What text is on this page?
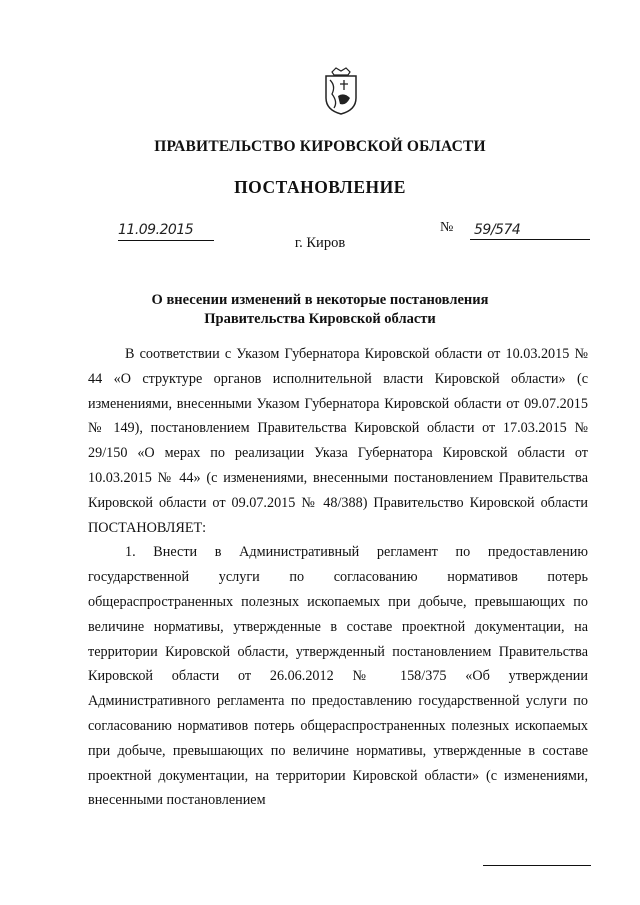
ПРАВИТЕЛЬСТВО КИРОВСКОЙ ОБЛАСТИ
ПОСТАНОВЛЕНИЕ
11.09.2015	№ 59/574
г. Киров
О внесении изменений в некоторые постановления
Правительства Кировской области

В соответствии с Указом Губернатора Кировской области от 10.03.2015 № 44 «О структуре органов исполнительной власти Кировской области» (с изменениями, внесенными Указом Губернатора Кировской области от 09.07.2015 № 149), постановлением Правительства Кировской области от 17.03.2015 № 29/150 «О мерах по реализации Указа Губернатора Кировской области от 10.03.2015 № 44» (с изменениями, внесенными постановлением Правительства Кировской области от 09.07.2015 № 48/388) Правительство Кировской области ПОСТАНОВЛЯЕТ:

1. Внести в Административный регламент по предоставлению государственной услуги по согласованию нормативов потерь общераспространенных полезных ископаемых при добыче, превышающих по величине нормативы, утвержденные в составе проектной документации, на территории Кировской области, утвержденный постановлением Правительства Кировской области от 26.06.2012 № 158/375 «Об утверждении Административного регламента по предоставлению государственной услуги по согласованию нормативов потерь общераспространенных полезных ископаемых при добыче, превышающих по величине нормативы, утвержденные в составе проектной документации, на территории Кировской области» (с изменениями, внесенными постановлением
